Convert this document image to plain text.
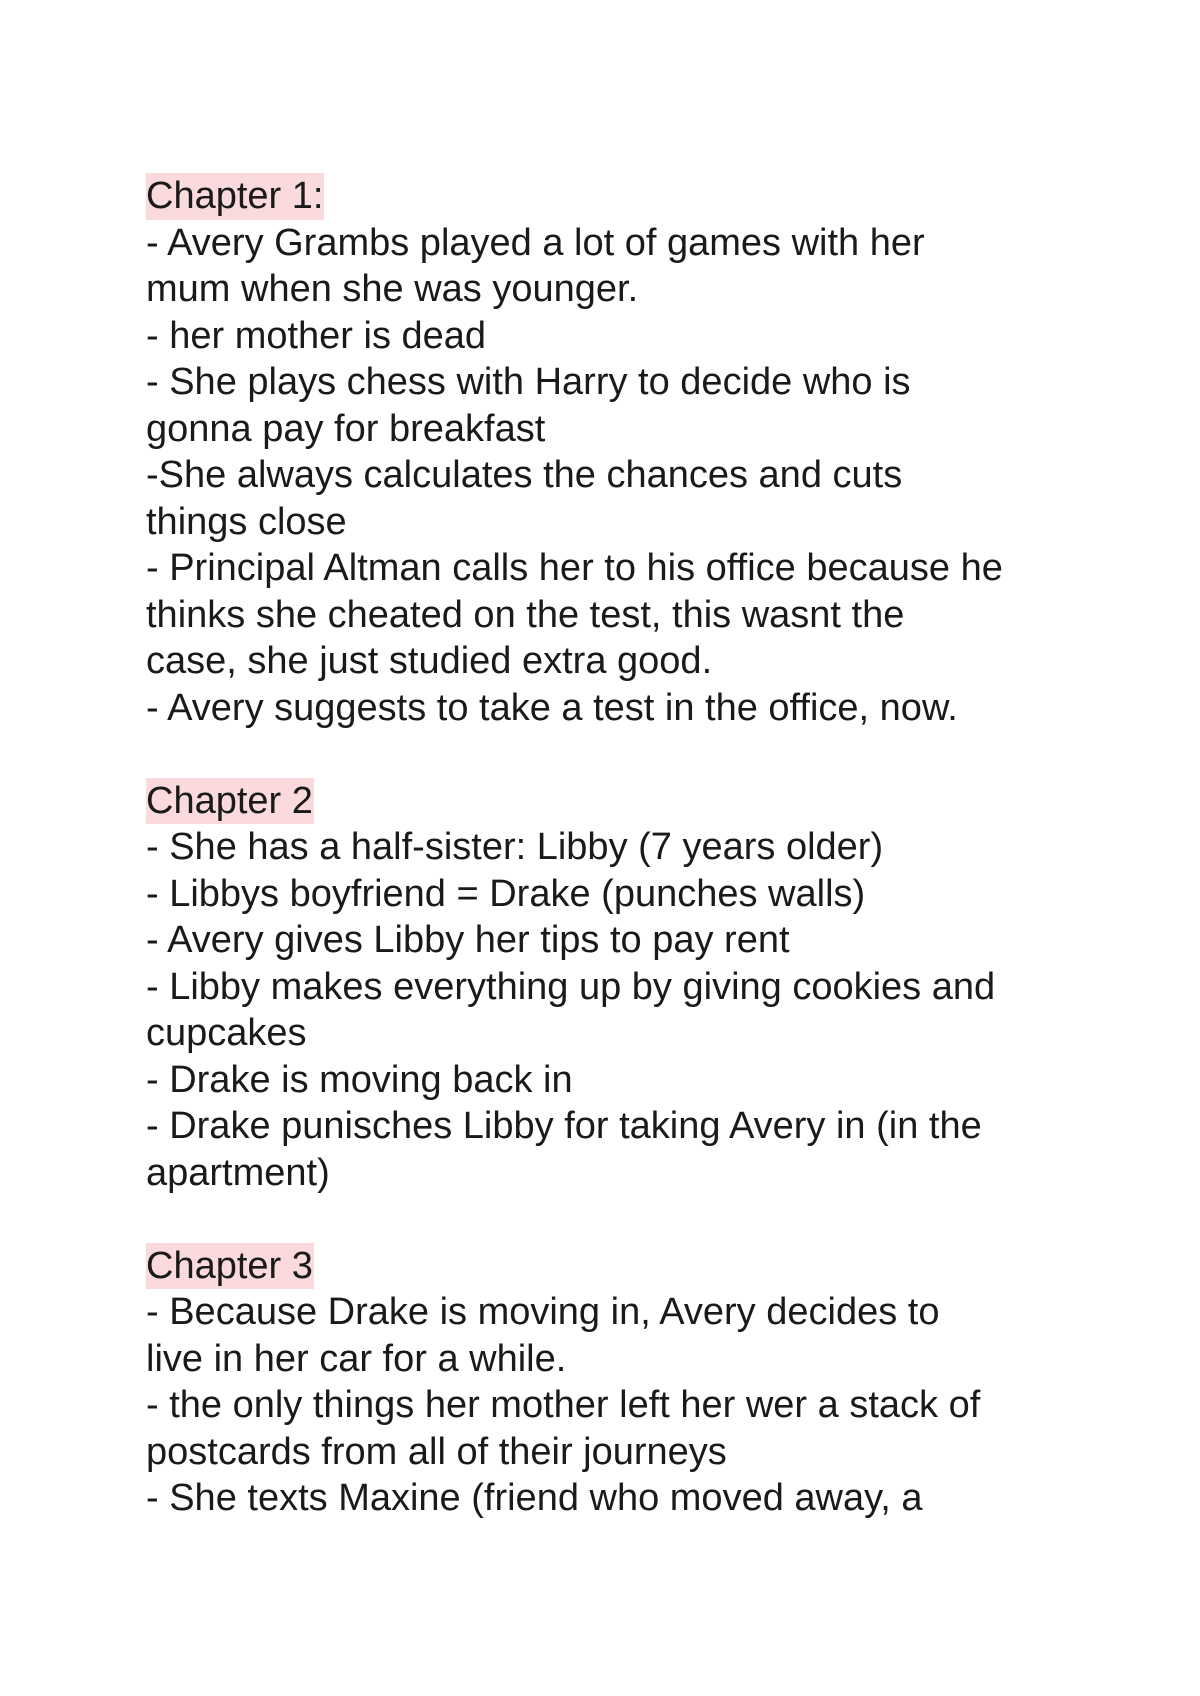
Chapter 1:
- Avery Grambs played a lot of games with her
mum when she was younger.
- her mother is dead
- She plays chess with Harry to decide who is
gonna pay for breakfast
-She always calculates the chances and cuts
things close
- Principal Altman calls her to his office because he
thinks she cheated on the test, this wasnt the
case, she just studied extra good.
- Avery suggests to take a test in the office, now.
Chapter 2
- She has a half-sister: Libby (7 years older)
- Libbys boyfriend = Drake (punches walls)
- Avery gives Libby her tips to pay rent
- Libby makes everything up by giving cookies and
cupcakes
- Drake is moving back in
- Drake punisches Libby for taking Avery in (in the
apartment)
Chapter 3
- Because Drake is moving in, Avery decides to
live in her car for a while.
- the only things her mother left her wer a stack of
postcards from all of their journeys
- She texts Maxine (friend who moved away, a
